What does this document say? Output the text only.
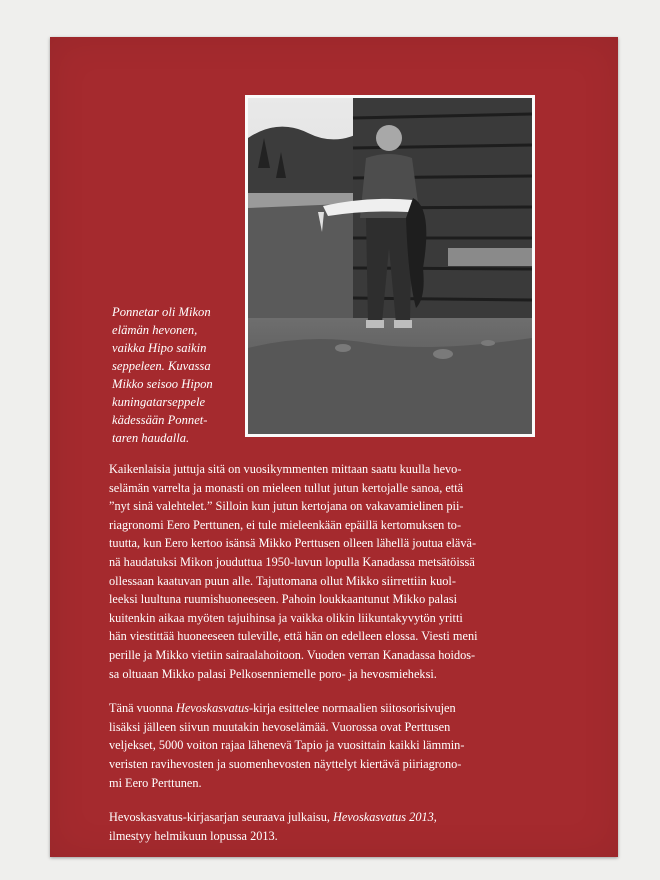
Ponnetar oli Mikon
elämän hevonen,
vaikka Hipo saikin
seppeleen. Kuvassa
Mikko seisoo Hipon
kuningatarseppele
kädessään Ponnet-
taren haudalla.

Kaikenlaisia juttuja sitä on vuosikymmenten mittaan saatu kuulla hevo-
selämän varrelta ja monasti on mieleen tullut jutun kertojalle sanoa, että
”nyt sinä valehtelet.” Silloin kun jutun kertojana on vakavamielinen pii-
riagronomi Eero Perttunen, ei tule mieleenkään epäillä kertomuksen to-
tuutta, kun Eero kertoo isänsä Mikko Perttusen olleen lähellä joutua elävä-
nä haudatuksi Mikon jouduttua 1950-luvun lopulla Kanadassa metsätöissä
ollessaan kaatuvan puun alle. Tajuttomana ollut Mikko siirrettiin kuol-
leeksi luultuna ruumishuoneeseen. Pahoin loukkaantunut Mikko palasi
kuitenkin aikaa myöten tajuihinsa ja vaikka olikin liikuntakyvytön yritti
hän viestittää huoneeseen tuleville, että hän on edelleen elossa. Viesti meni
perille ja Mikko vietiin sairaalahoitoon. Vuoden verran Kanadassa hoidos-
sa oltuaan Mikko palasi Pelkosenniemelle poro- ja hevosmieheksi.

Tänä vuonna Hevoskasvatus-kirja esittelee normaalien siitosorisivujen
lisäksi jälleen siivun muutakin hevoselämää. Vuorossa ovat Perttusen
veljekset, 5000 voiton rajaa lähenevä Tapio ja vuosittain kaikki lämmin-
veristen ravihevosten ja suomenhevosten näyttelyt kiertävä piiriagrono-
mi Eero Perttunen.

Hevoskasvatus-kirjasarjan seuraava julkaisu, Hevoskasvatus 2013,
ilmestyy helmikuun lopussa 2013.
